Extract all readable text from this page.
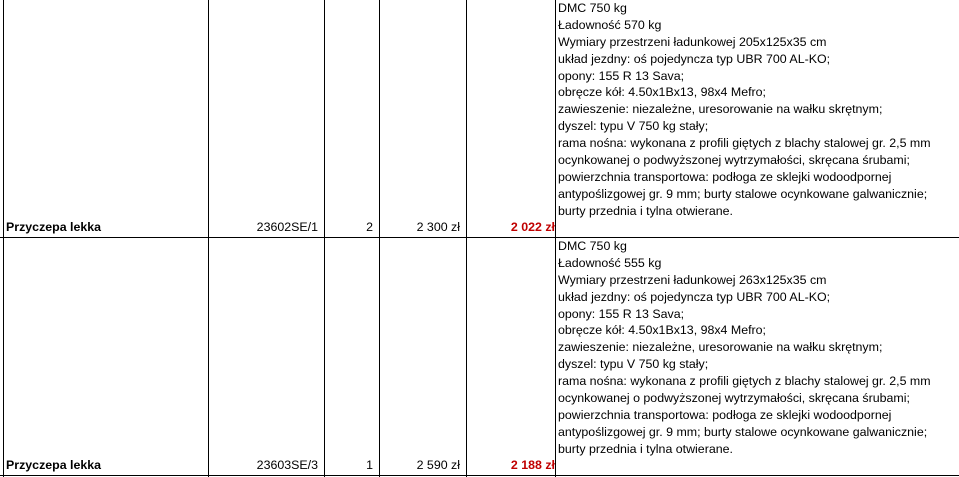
Przyczepa lekka	23602SE/1	2	2 300 zł	2 022 zł
DMC 750 kg
Ładowność 570 kg
Wymiary przestrzeni ładunkowej 205x125x35 cm
układ jezdny: oś pojedyncza typ UBR 700 AL-KO;
opony: 155 R 13 Sava;
obręcze kół: 4.50x1Bx13, 98x4 Mefro;
zawieszenie: niezależne, uresorowanie na wałku skrętnym;
dyszel: typu V 750 kg stały;
rama nośna: wykonana z profili giętych z blachy stalowej gr. 2,5 mm
ocynkowanej o podwyższonej wytrzymałości, skręcana śrubami;
powierzchnia transportowa: podłoga ze sklejki wodoodpornej
antypoślizgowej gr. 9 mm; burty stalowe ocynkowane galwanicznie;
burty przednia i tylna otwierane.
Przyczepa lekka	23603SE/3	1	2 590 zł	2 188 zł
DMC 750 kg
Ładowność 555 kg
Wymiary przestrzeni ładunkowej 263x125x35 cm
układ jezdny: oś pojedyncza typ UBR 700 AL-KO;
opony: 155 R 13 Sava;
obręcze kół: 4.50x1Bx13, 98x4 Mefro;
zawieszenie: niezależne, uresorowanie na wałku skrętnym;
dyszel: typu V 750 kg stały;
rama nośna: wykonana z profili giętych z blachy stalowej gr. 2,5 mm
ocynkowanej o podwyższonej wytrzymałości, skręcana śrubami;
powierzchnia transportowa: podłoga ze sklejki wodoodpornej
antypoślizgowej gr. 9 mm; burty stalowe ocynkowane galwanicznie;
burty przednia i tylna otwierane.
